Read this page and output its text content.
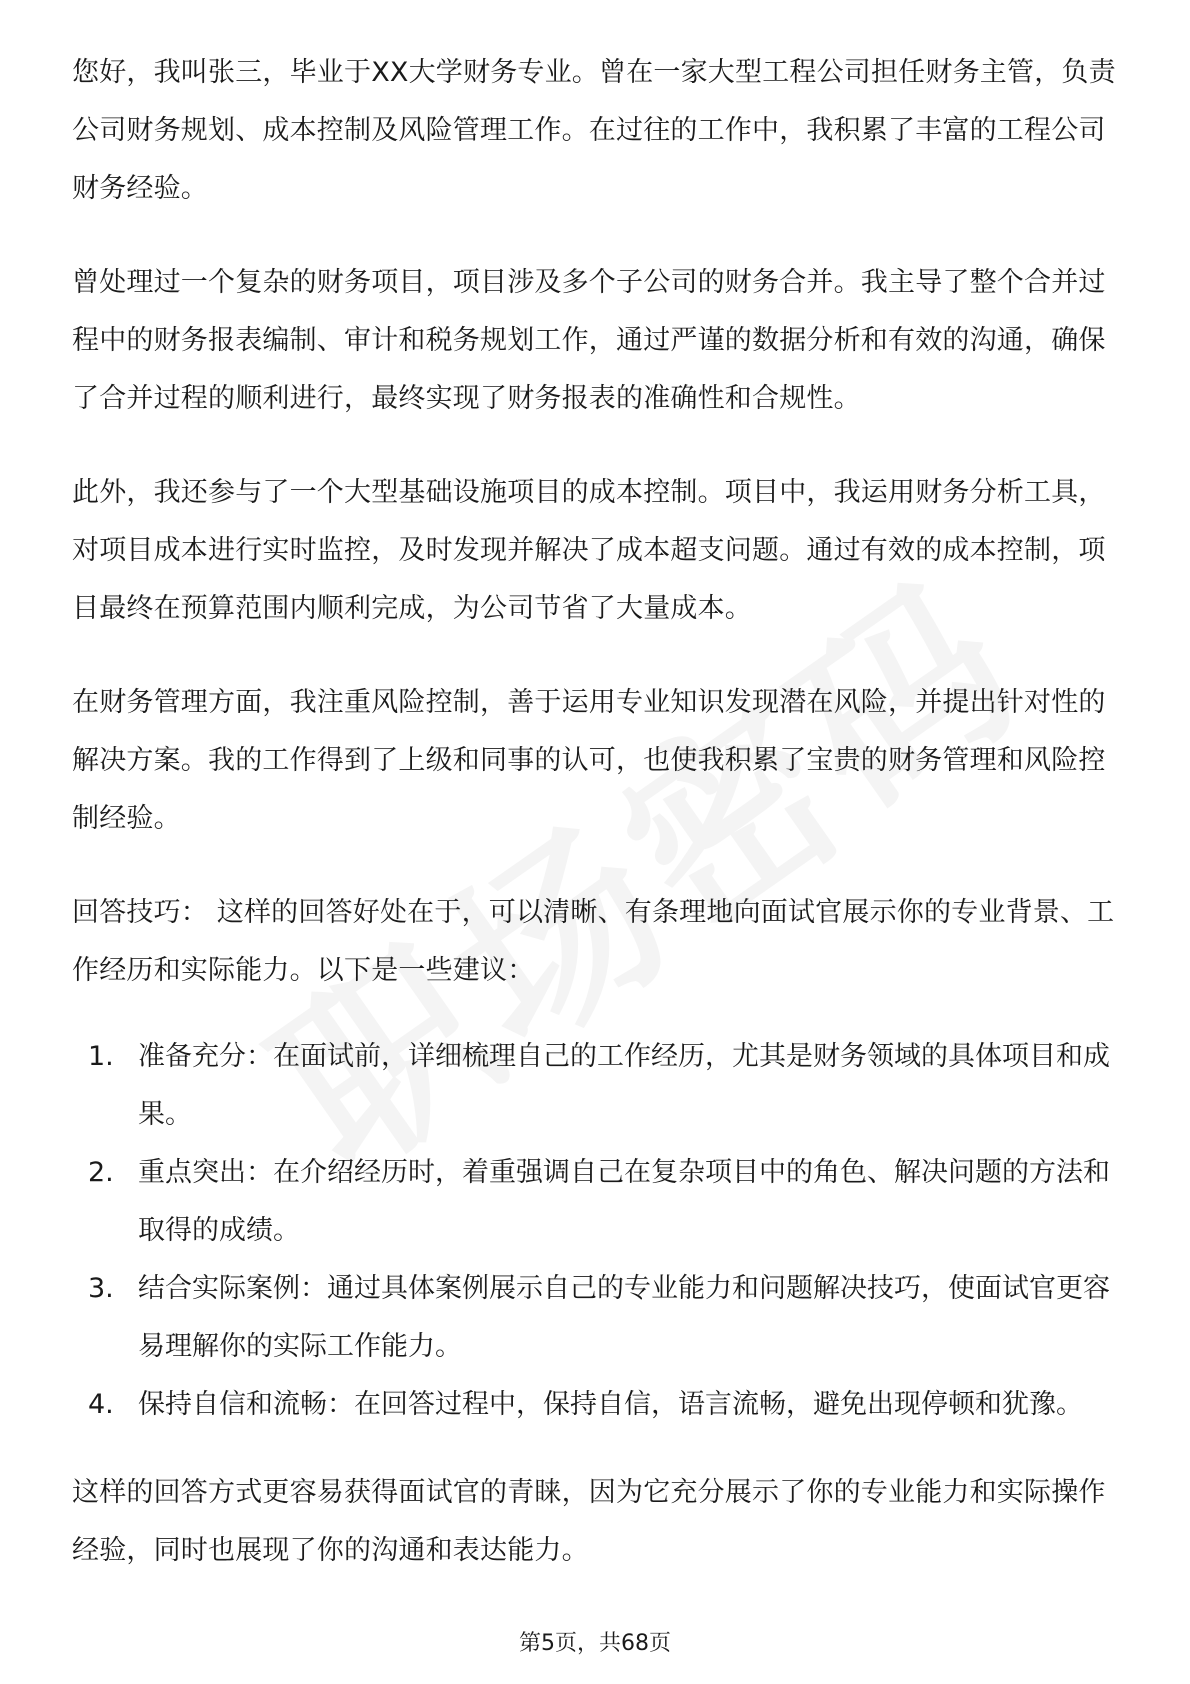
您好，我叫张三，毕业于XX大学财务专业。曾在一家大型工程公司担任财务主管，负责公司财务规划、成本控制及风险管理工作。在过往的工作中，我积累了丰富的工程公司财务经验。

曾处理过一个复杂的财务项目，项目涉及多个子公司的财务合并。我主导了整个合并过程中的财务报表编制、审计和税务规划工作，通过严谨的数据分析和有效的沟通，确保了合并过程的顺利进行，最终实现了财务报表的准确性和合规性。

此外，我还参与了一个大型基础设施项目的成本控制。项目中，我运用财务分析工具，对项目成本进行实时监控，及时发现并解决了成本超支问题。通过有效的成本控制，项目最终在预算范围内顺利完成，为公司节省了大量成本。

在财务管理方面，我注重风险控制，善于运用专业知识发现潜在风险，并提出针对性的解决方案。我的工作得到了上级和同事的认可，也使我积累了宝贵的财务管理和风险控制经验。

回答技巧： 这样的回答好处在于，可以清晰、有条理地向面试官展示你的专业背景、工作经历和实际能力。以下是一些建议：

1. 准备充分：在面试前，详细梳理自己的工作经历，尤其是财务领域的具体项目和成果。
2. 重点突出：在介绍经历时，着重强调自己在复杂项目中的角色、解决问题的方法和取得的成绩。
3. 结合实际案例：通过具体案例展示自己的专业能力和问题解决技巧，使面试官更容易理解你的实际工作能力。
4. 保持自信和流畅：在回答过程中，保持自信，语言流畅，避免出现停顿和犹豫。

这样的回答方式更容易获得面试官的青睐，因为它充分展示了你的专业能力和实际操作经验，同时也展现了你的沟通和表达能力。

第5页，共68页
